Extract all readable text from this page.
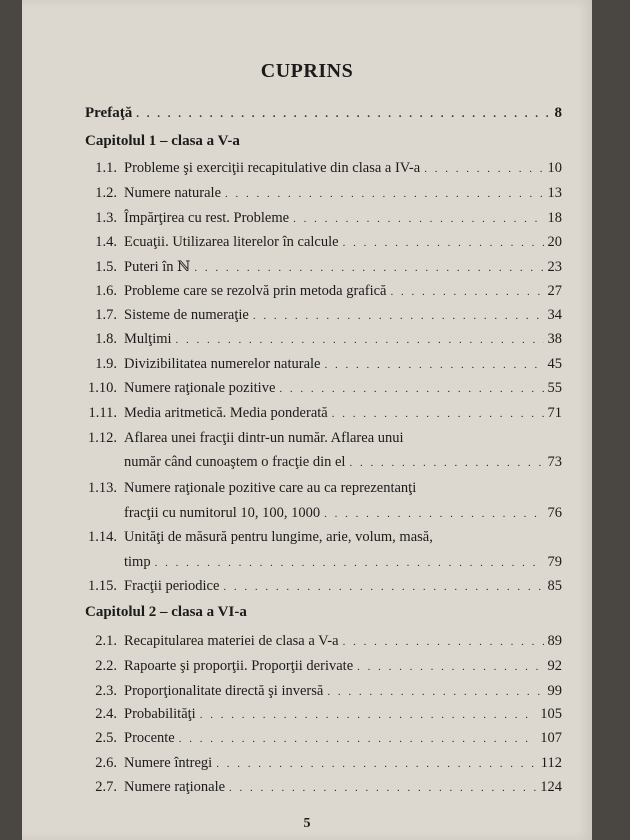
CUPRINS
Prefaţă . . .	8
Capitolul 1 – clasa a V-a
1.1. Probleme şi exerciţii recapitulative din clasa a IV-a . . .	10
1.2. Numere naturale . . .	13
1.3. Împărţirea cu rest. Probleme . . .	18
1.4. Ecuaţii. Utilizarea literelor în calcule . . .	20
1.5. Puteri în ℕ . . .	23
1.6. Probleme care se rezolvă prin metoda grafică . . .	27
1.7. Sisteme de numeraţie . . .	34
1.8. Mulţimi . . .	38
1.9. Divizibilitatea numerelor naturale . . .	45
1.10. Numere raţionale pozitive . . .	55
1.11. Media aritmetică. Media ponderată . . .	71
1.12. Aflarea unei fracţii dintr-un număr. Aflarea unui
număr când cunoaştem o fracţie din el . . .	73
1.13. Numere raţionale pozitive care au ca reprezentanţi
fracţii cu numitorul 10, 100, 1000 . . .	76
1.14. Unităţi de măsură pentru lungime, arie, volum, masă,
timp . . .	79
1.15. Fracţii periodice . . .	85
Capitolul 2 – clasa a VI-a
2.1. Recapitularea materiei de clasa a V-a . . .	89
2.2. Rapoarte şi proporţii. Proporţii derivate . . .	92
2.3. Proporţionalitate directă şi inversă . . .	99
2.4. Probabilităţi . . .	105
2.5. Procente . . .	107
2.6. Numere întregi . . .	112
2.7. Numere raţionale . . .	124
5
